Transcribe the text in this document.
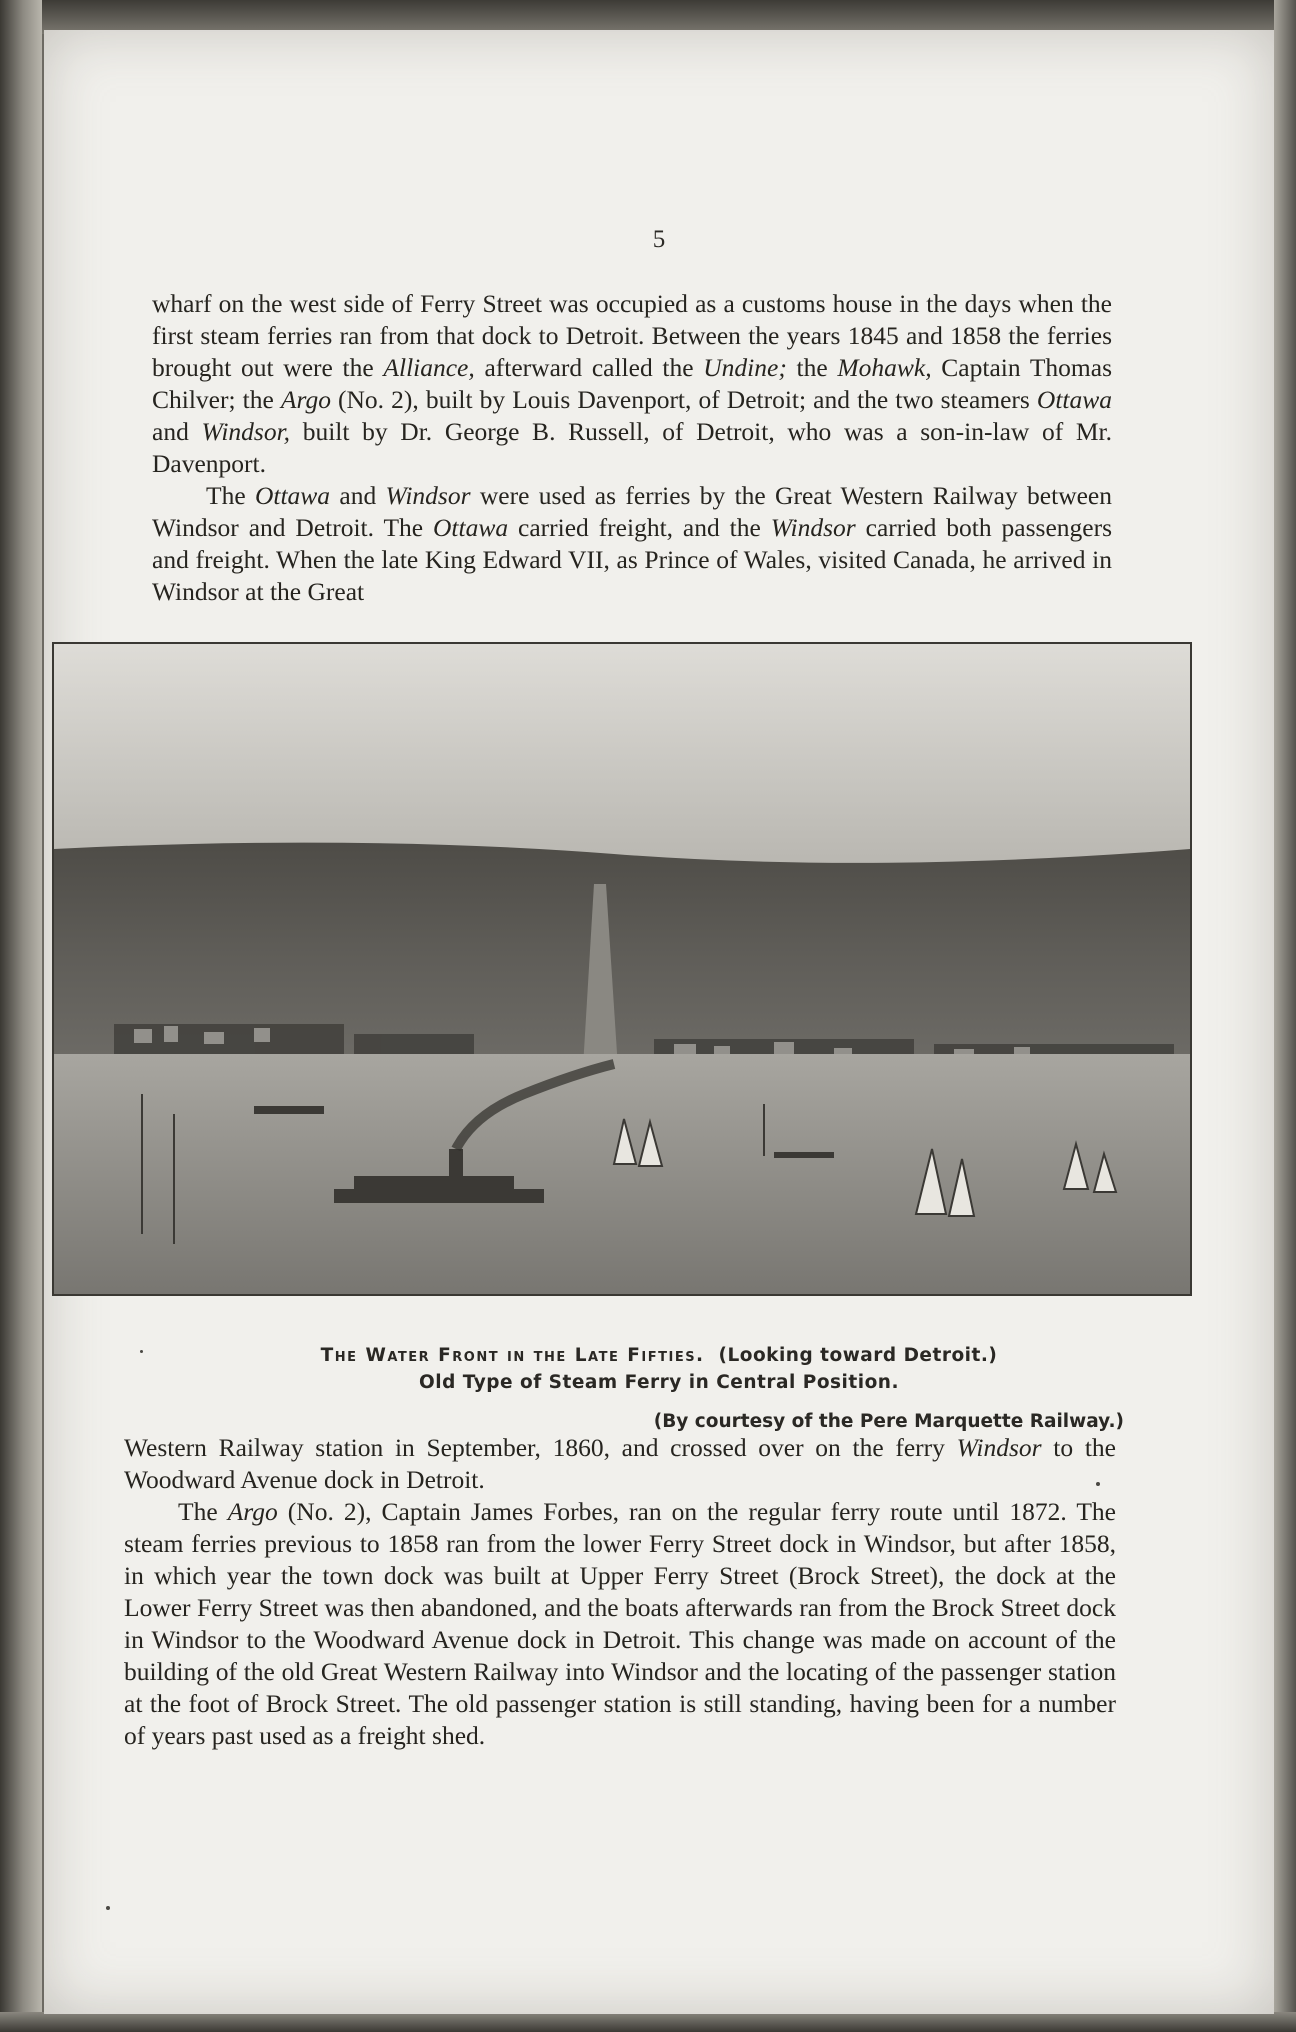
5

wharf on the west side of Ferry Street was occupied as a customs house in the days when the first steam ferries ran from that dock to Detroit. Between the years 1845 and 1858 the ferries brought out were the Alliance, afterward called the Undine; the Mohawk, Captain Thomas Chilver; the Argo (No. 2), built by Louis Davenport, of Detroit; and the two steamers Ottawa and Windsor, built by Dr. George B. Russell, of Detroit, who was a son-in-law of Mr. Davenport.

The Ottawa and Windsor were used as ferries by the Great Western Railway between Windsor and Detroit. The Ottawa carried freight, and the Windsor carried both passengers and freight. When the late King Edward VII, as Prince of Wales, visited Canada, he arrived in Windsor at the Great

The Water Front in the Late Fifties. (Looking toward Detroit.)
Old Type of Steam Ferry in Central Position.
(By courtesy of the Pere Marquette Railway.)

Western Railway station in September, 1860, and crossed over on the ferry Windsor to the Woodward Avenue dock in Detroit.

The Argo (No. 2), Captain James Forbes, ran on the regular ferry route until 1872. The steam ferries previous to 1858 ran from the lower Ferry Street dock in Windsor, but after 1858, in which year the town dock was built at Upper Ferry Street (Brock Street), the dock at the Lower Ferry Street was then abandoned, and the boats afterwards ran from the Brock Street dock in Windsor to the Woodward Avenue dock in Detroit. This change was made on account of the building of the old Great Western Railway into Windsor and the locating of the passenger station at the foot of Brock Street. The old passenger station is still standing, having been for a number of years past used as a freight shed.
